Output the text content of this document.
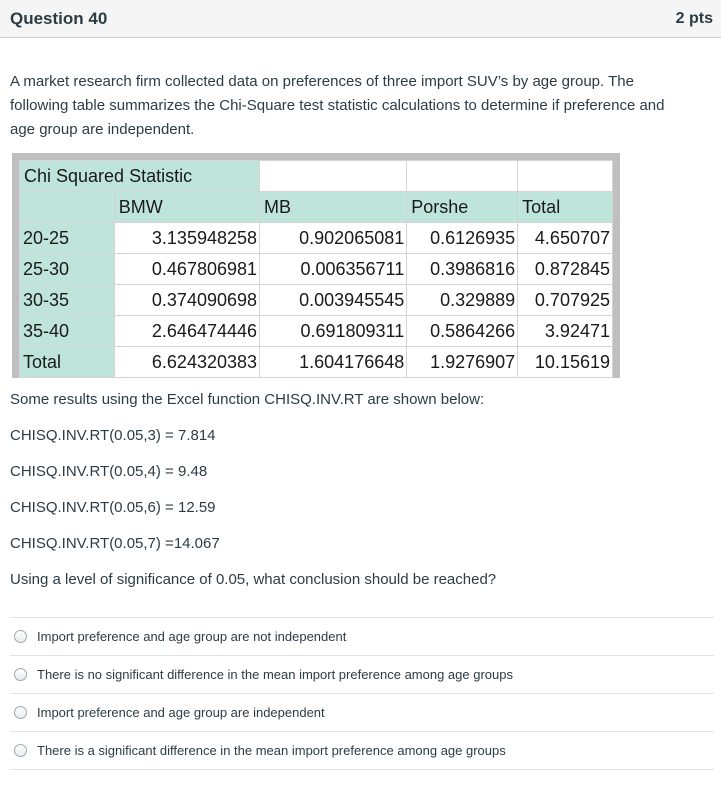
Question 40	2 pts
A market research firm collected data on preferences of three import SUV’s by age group. The
following table summarizes the Chi-Square test statistic calculations to determine if preference and
age group are independent.
Chi Squared Statistic				
	BMW	MB	Porshe	Total
20-25	3.135948258	0.902065081	0.6126935	4.650707
25-30	0.467806981	0.006356711	0.3986816	0.872845
30-35	0.374090698	0.003945545	0.329889	0.707925
35-40	2.646474446	0.691809311	0.5864266	3.92471
Total	6.624320383	1.604176648	1.9276907	10.15619
Some results using the Excel function CHISQ.INV.RT are shown below:
CHISQ.INV.RT(0.05,3) = 7.814
CHISQ.INV.RT(0.05,4) = 9.48
CHISQ.INV.RT(0.05,6) = 12.59
CHISQ.INV.RT(0.05,7) =14.067
Using a level of significance of 0.05, what conclusion should be reached?
Import preference and age group are not independent
There is no significant difference in the mean import preference among age groups
Import preference and age group are independent
There is a significant difference in the mean import preference among age groups
